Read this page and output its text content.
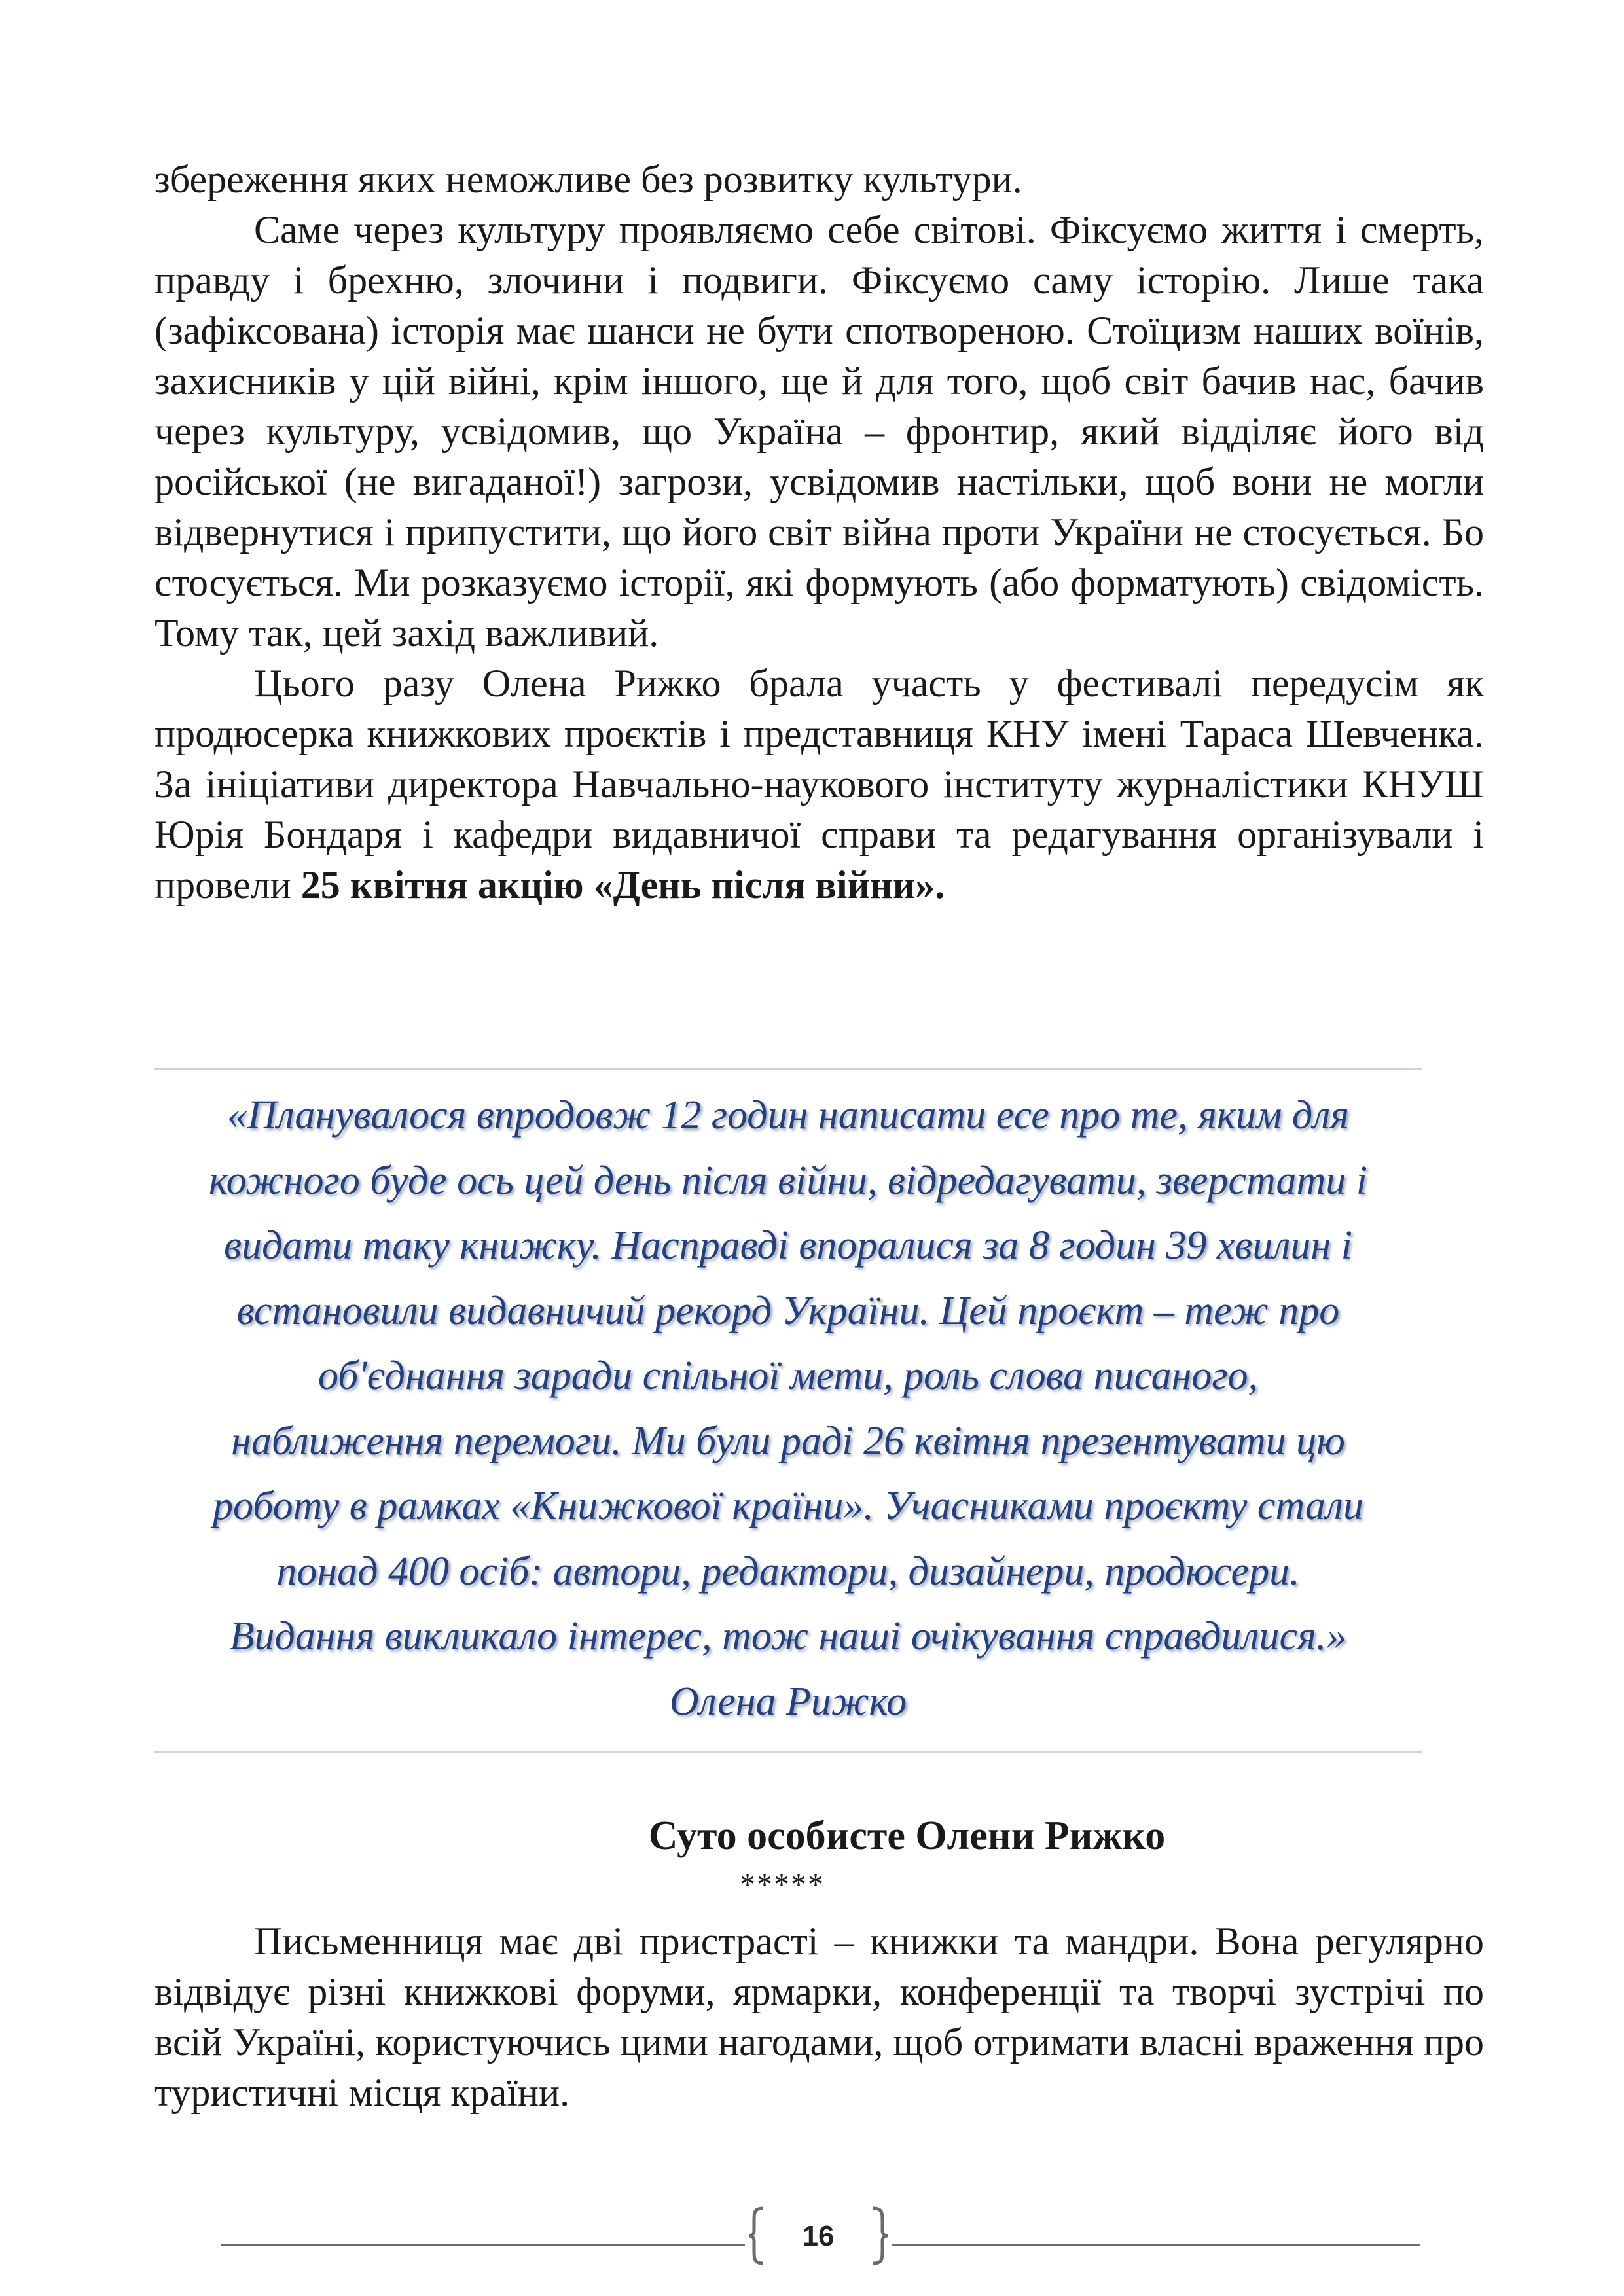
збереження яких неможливе без розвитку культури.

Саме через культуру проявляємо себе світові. Фіксуємо життя і смерть, правду і брехню, злочини і подвиги. Фіксуємо саму історію. Лише така (зафіксована) історія має шанси не бути спотвореною. Стоїцизм наших воїнів, захисників у цій війні, крім іншого, ще й для того, щоб світ бачив нас, бачив через культуру, усвідомив, що Україна – фронтир, який відділяє його від російської (не вигаданої!) загрози, усвідомив настільки, щоб вони не могли відвернутися і припустити, що його світ війна проти України не стосується. Бо стосується. Ми розказуємо історії, які формують (або форматують) свідомість. Тому так, цей захід важливий.

Цього разу Олена Рижко брала участь у фестивалі передусім як продюсерка книжкових проєктів і представниця КНУ імені Тараса Шевченка. За ініціативи директора Навчально-наукового інституту журналістики КНУШ Юрія Бондаря і кафедри видавничої справи та редагування організували і провели 25 квітня акцію «День після війни».

«Планувалося впродовж 12 годин написати есе про те, яким для
кожного буде ось цей день після війни, відредагувати, зверстати і
видати таку книжку. Насправді впоралися за 8 годин 39 хвилин і
встановили видавничий рекорд України. Цей проєкт – теж про
об'єднання заради спільної мети, роль слова писаного,
наближення перемоги. Ми були раді 26 квітня презентувати цю
роботу в рамках «Книжкової країни». Учасниками проєкту стали
понад 400 осіб: автори, редактори, дизайнери, продюсери.
Видання викликало інтерес, тож наші очікування справдилися.»
Олена Рижко
Суто особисте Олени Рижко
*****

Письменниця має дві пристрасті – книжки та мандри. Вона регулярно відвідує різні книжкові форуми, ярмарки, конференції та творчі зустрічі по всій Україні, користуючись цими нагодами, щоб отримати власні враження про туристичні місця країни.

16
